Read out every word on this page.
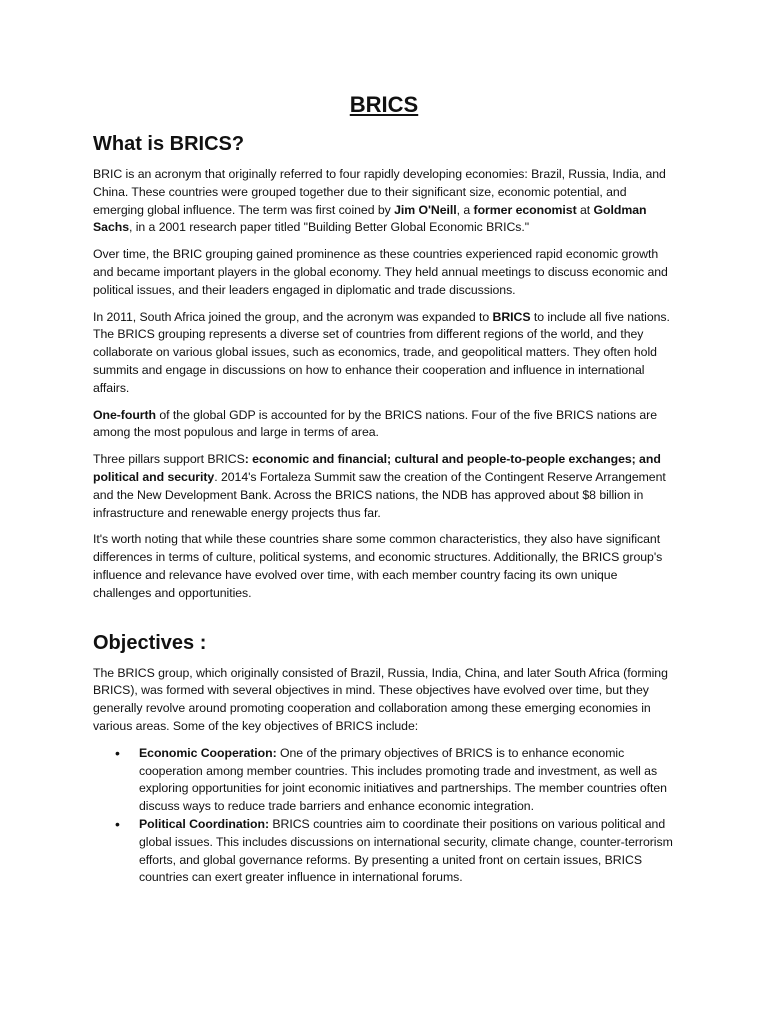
BRICS
What is BRICS?

BRIC is an acronym that originally referred to four rapidly developing economies: Brazil, Russia, India, and China. These countries were grouped together due to their significant size, economic potential, and emerging global influence. The term was first coined by Jim O'Neill, a former economist at Goldman Sachs, in a 2001 research paper titled "Building Better Global Economic BRICs."

Over time, the BRIC grouping gained prominence as these countries experienced rapid economic growth and became important players in the global economy. They held annual meetings to discuss economic and political issues, and their leaders engaged in diplomatic and trade discussions.

In 2011, South Africa joined the group, and the acronym was expanded to BRICS to include all five nations. The BRICS grouping represents a diverse set of countries from different regions of the world, and they collaborate on various global issues, such as economics, trade, and geopolitical matters. They often hold summits and engage in discussions on how to enhance their cooperation and influence in international affairs.

One-fourth of the global GDP is accounted for by the BRICS nations. Four of the five BRICS nations are among the most populous and large in terms of area.

Three pillars support BRICS: economic and financial; cultural and people-to-people exchanges; and political and security. 2014's Fortaleza Summit saw the creation of the Contingent Reserve Arrangement and the New Development Bank. Across the BRICS nations, the NDB has approved about $8 billion in infrastructure and renewable energy projects thus far.

It's worth noting that while these countries share some common characteristics, they also have significant differences in terms of culture, political systems, and economic structures. Additionally, the BRICS group's influence and relevance have evolved over time, with each member country facing its own unique challenges and opportunities.

Objectives :

The BRICS group, which originally consisted of Brazil, Russia, India, China, and later South Africa (forming BRICS), was formed with several objectives in mind. These objectives have evolved over time, but they generally revolve around promoting cooperation and collaboration among these emerging economies in various areas. Some of the key objectives of BRICS include:

• Economic Cooperation: One of the primary objectives of BRICS is to enhance economic cooperation among member countries. This includes promoting trade and investment, as well as exploring opportunities for joint economic initiatives and partnerships. The member countries often discuss ways to reduce trade barriers and enhance economic integration.
• Political Coordination: BRICS countries aim to coordinate their positions on various political and global issues. This includes discussions on international security, climate change, counter-terrorism efforts, and global governance reforms. By presenting a united front on certain issues, BRICS countries can exert greater influence in international forums.
